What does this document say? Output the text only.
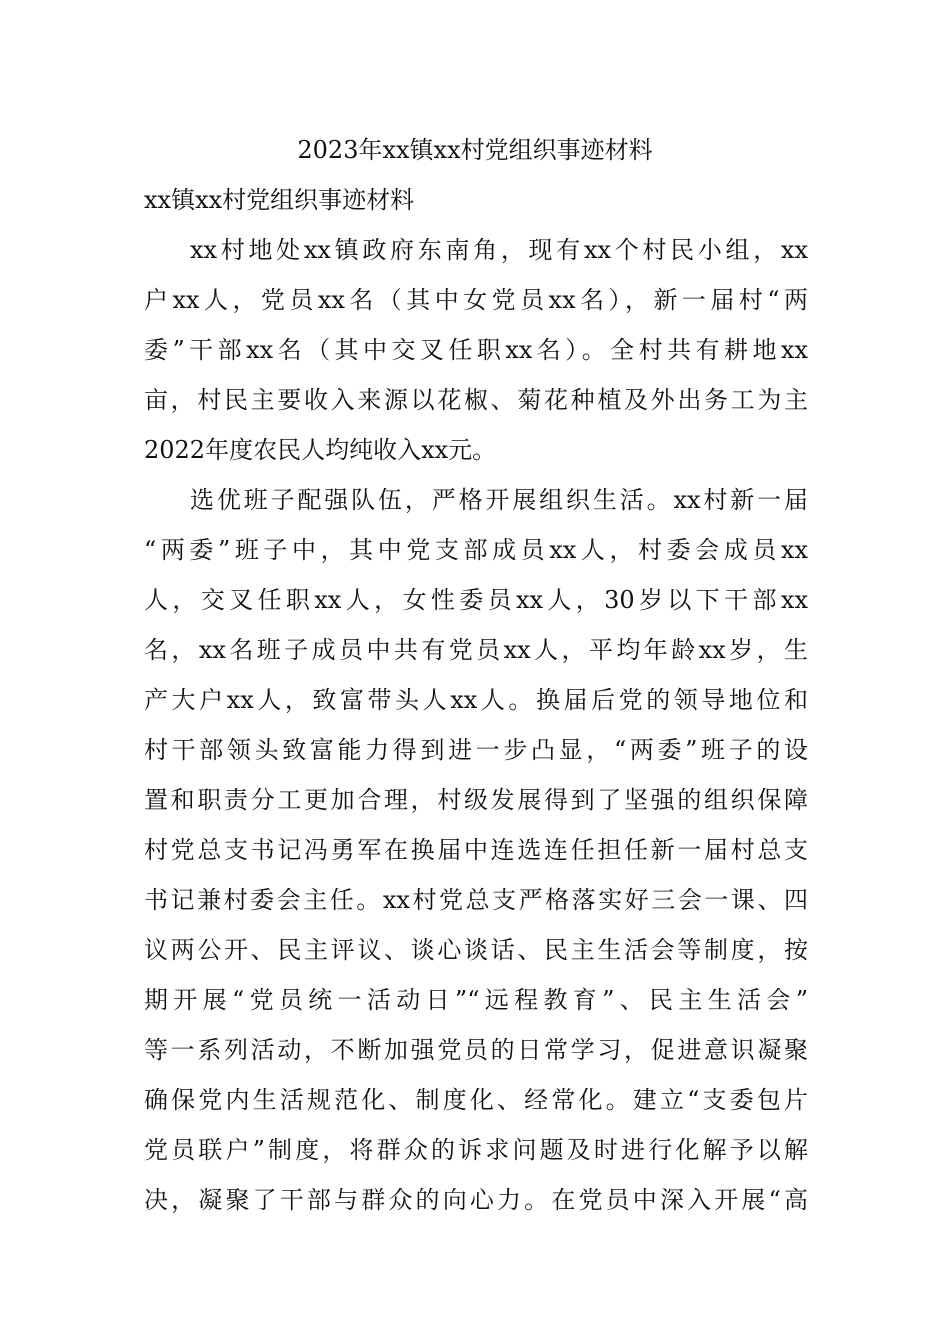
2023年xx镇xx村党组织事迹材料
xx镇xx村党组织事迹材料
xx村地处xx镇政府东南角，现有xx个村民小组，xx
户xx人，党员xx名（其中女党员xx名），新一届村“两
委”干部xx名（其中交叉任职xx名）。全村共有耕地xx
亩，村民主要收入来源以花椒、菊花种植及外出务工为主
2022年度农民人均纯收入xx元。
选优班子配强队伍，严格开展组织生活。xx村新一届
“两委”班子中，其中党支部成员xx人，村委会成员xx
人，交叉任职xx人，女性委员xx人，30岁以下干部xx
名，xx名班子成员中共有党员xx人，平均年龄xx岁，生
产大户xx人，致富带头人xx人。换届后党的领导地位和
村干部领头致富能力得到进一步凸显，“两委”班子的设
置和职责分工更加合理，村级发展得到了坚强的组织保障
村党总支书记冯勇军在换届中连选连任担任新一届村总支
书记兼村委会主任。xx村党总支严格落实好三会一课、四
议两公开、民主评议、谈心谈话、民主生活会等制度，按
期开展“党员统一活动日”“远程教育”、民主生活会”
等一系列活动，不断加强党员的日常学习，促进意识凝聚
确保党内生活规范化、制度化、经常化。建立“支委包片
党员联户”制度，将群众的诉求问题及时进行化解予以解
决，凝聚了干部与群众的向心力。在党员中深入开展“高
